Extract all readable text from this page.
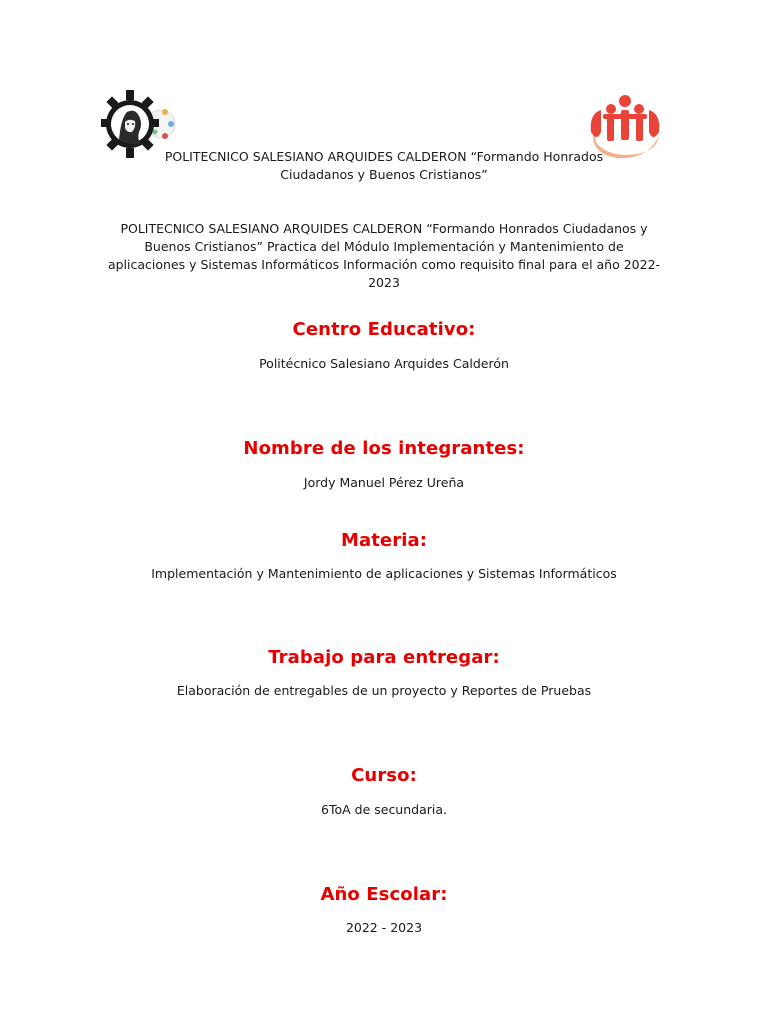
POLITECNICO SALESIANO ARQUIDES CALDERON “Formando Honrados Ciudadanos y Buenos Cristianos”
POLITECNICO SALESIANO ARQUIDES CALDERON “Formando Honrados Ciudadanos y Buenos Cristianos” Practica del Módulo Implementación y Mantenimiento de aplicaciones y Sistemas Informáticos Información como requisito final para el año 2022-2023
Centro Educativo:
Politécnico Salesiano Arquides Calderón
Nombre de los integrantes:
Jordy Manuel Pérez Ureña
Materia:
Implementación y Mantenimiento de aplicaciones y Sistemas Informáticos
Trabajo para entregar:
Elaboración de entregables de un proyecto y Reportes de Pruebas
Curso:
6ToA de secundaria.
Año Escolar:
2022 - 2023
